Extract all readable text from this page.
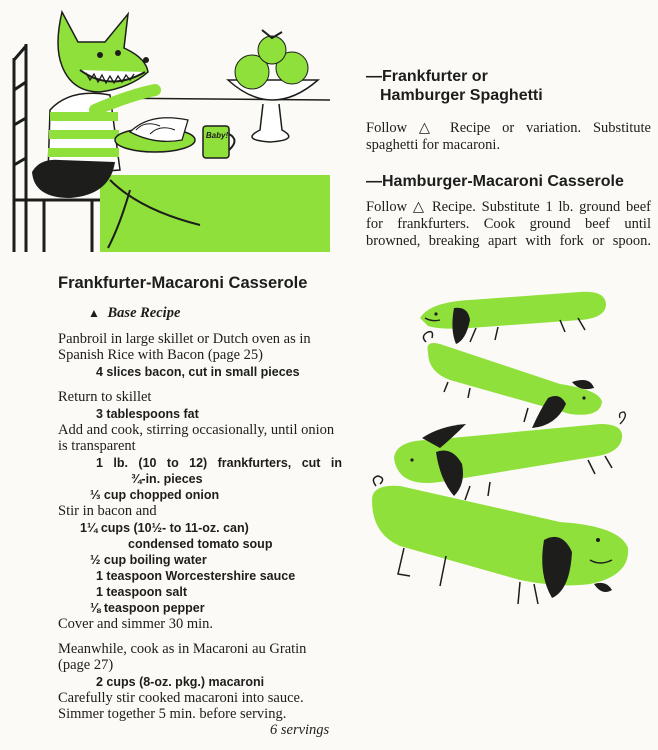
Baby!
—Frankfurter or
Hamburger Spaghetti
Follow △ Recipe or variation. Substitute
spaghetti for macaroni.
—Hamburger-Macaroni Casserole
Follow △ Recipe. Substitute 1 lb. ground beef
for frankfurters. Cook ground beef until
browned, breaking apart with fork or spoon.
Frankfurter-Macaroni Casserole
▲ Base Recipe
Panbroil in large skillet or Dutch oven as in
Spanish Rice with Bacon (page 25)
4 slices bacon, cut in small pieces
Return to skillet
3 tablespoons fat
Add and cook, stirring occasionally, until onion
is transparent
1 lb. (10 to 12) frankfurters, cut in
¾-in. pieces
⅓ cup chopped onion
Stir in bacon and
1¼ cups (10½- to 11-oz. can)
condensed tomato soup
½ cup boiling water
1 teaspoon Worcestershire sauce
1 teaspoon salt
⅛ teaspoon pepper
Cover and simmer 30 min.
Meanwhile, cook as in Macaroni au Gratin
(page 27)
2 cups (8-oz. pkg.) macaroni
Carefully stir cooked macaroni into sauce.
Simmer together 5 min. before serving.
6 servings
